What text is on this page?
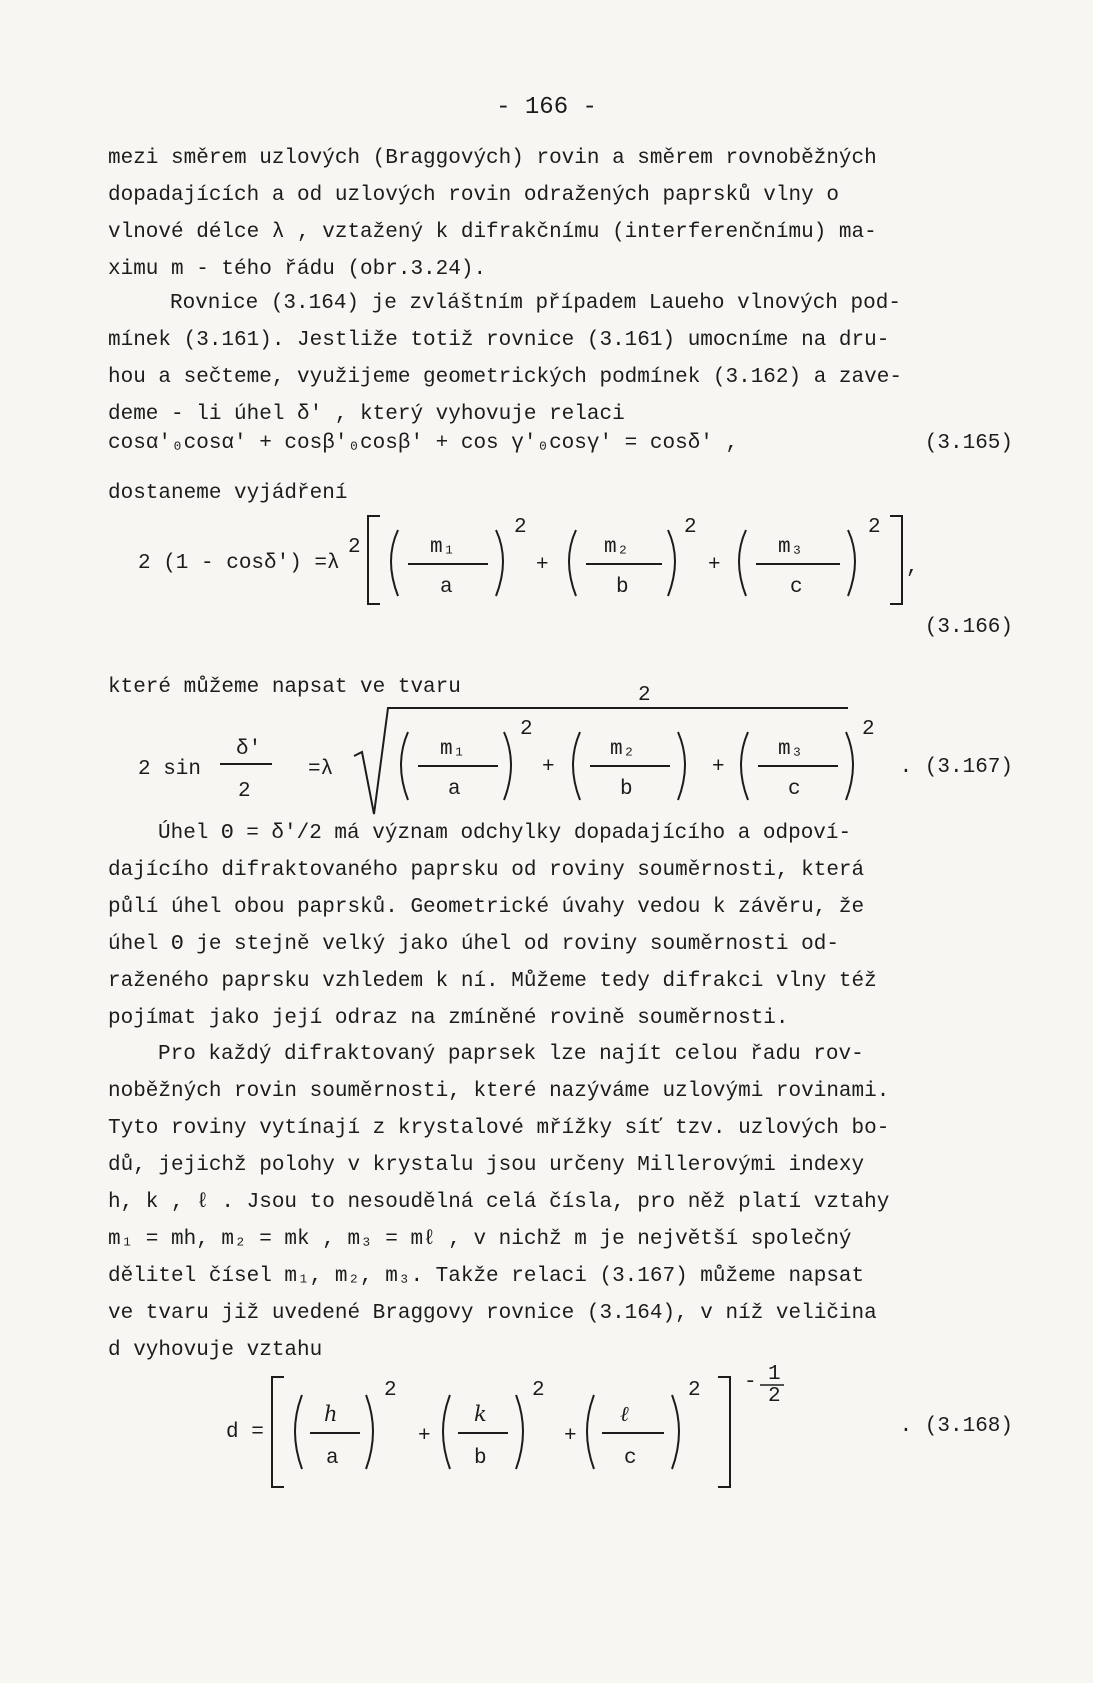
- 166 -
mezi směrem uzlových (Braggových) rovin a směrem rovnoběžných
dopadajících a od uzlových rovin odražených paprsků vlny o
vlnové délce λ , vztažený k difrakčnímu (interferenčnímu) ma-
ximu m - tého řádu (obr.3.24).
Rovnice (3.164) je zvláštním případem Laueho vlnových pod-
mínek (3.161). Jestliže totiž rovnice (3.161) umocníme na dru-
hou a sečteme, využijeme geometrických podmínek (3.162) a zave-
deme - li úhel δ' , který vyhovuje relaci
cosα'₀cosα' + cosβ'₀cosβ' + cos γ'₀cosγ' = cosδ' ,	(3.165)
dostaneme vyjádření
2 (1 - cosδ') =λ
2	m₁
a
2
+
m₂
b
2
+
m₃
c
2
,
(3.166)
které můžeme napsat ve tvaru
2 sin
δ'
2
=λ
m₁
a
2
+
m₂
b
2
+
m₃
c
2
. (3.167)
Úhel Θ = δ'/2 má význam odchylky dopadajícího a odpoví-
dajícího difraktovaného paprsku od roviny souměrnosti, která
půlí úhel obou paprsků. Geometrické úvahy vedou k závěru, že
úhel Θ je stejně velký jako úhel od roviny souměrnosti od-
raženého paprsku vzhledem k ní. Můžeme tedy difrakci vlny též
pojímat jako její odraz na zmíněné rovině souměrnosti.
Pro každý difraktovaný paprsek lze najít celou řadu rov-
noběžných rovin souměrnosti, které nazýváme uzlovými rovinami.
Tyto roviny vytínají z krystalové mřížky síť tzv. uzlových bo-
dů, jejichž polohy v krystalu jsou určeny Millerovými indexy
h, k , ℓ . Jsou to nesoudělná celá čísla, pro něž platí vztahy
m₁ = mh, m₂ = mk , m₃ = mℓ , v nichž m je největší společný
dělitel čísel m₁, m₂, m₃. Takže relaci (3.167) můžeme napsat
ve tvaru již uvedené Braggovy rovnice (3.164), v níž veličina
d vyhovuje vztahu
d =
h
a
2
+
k
b
2
+
ℓ
c
2 - 1
2
. (3.168)
